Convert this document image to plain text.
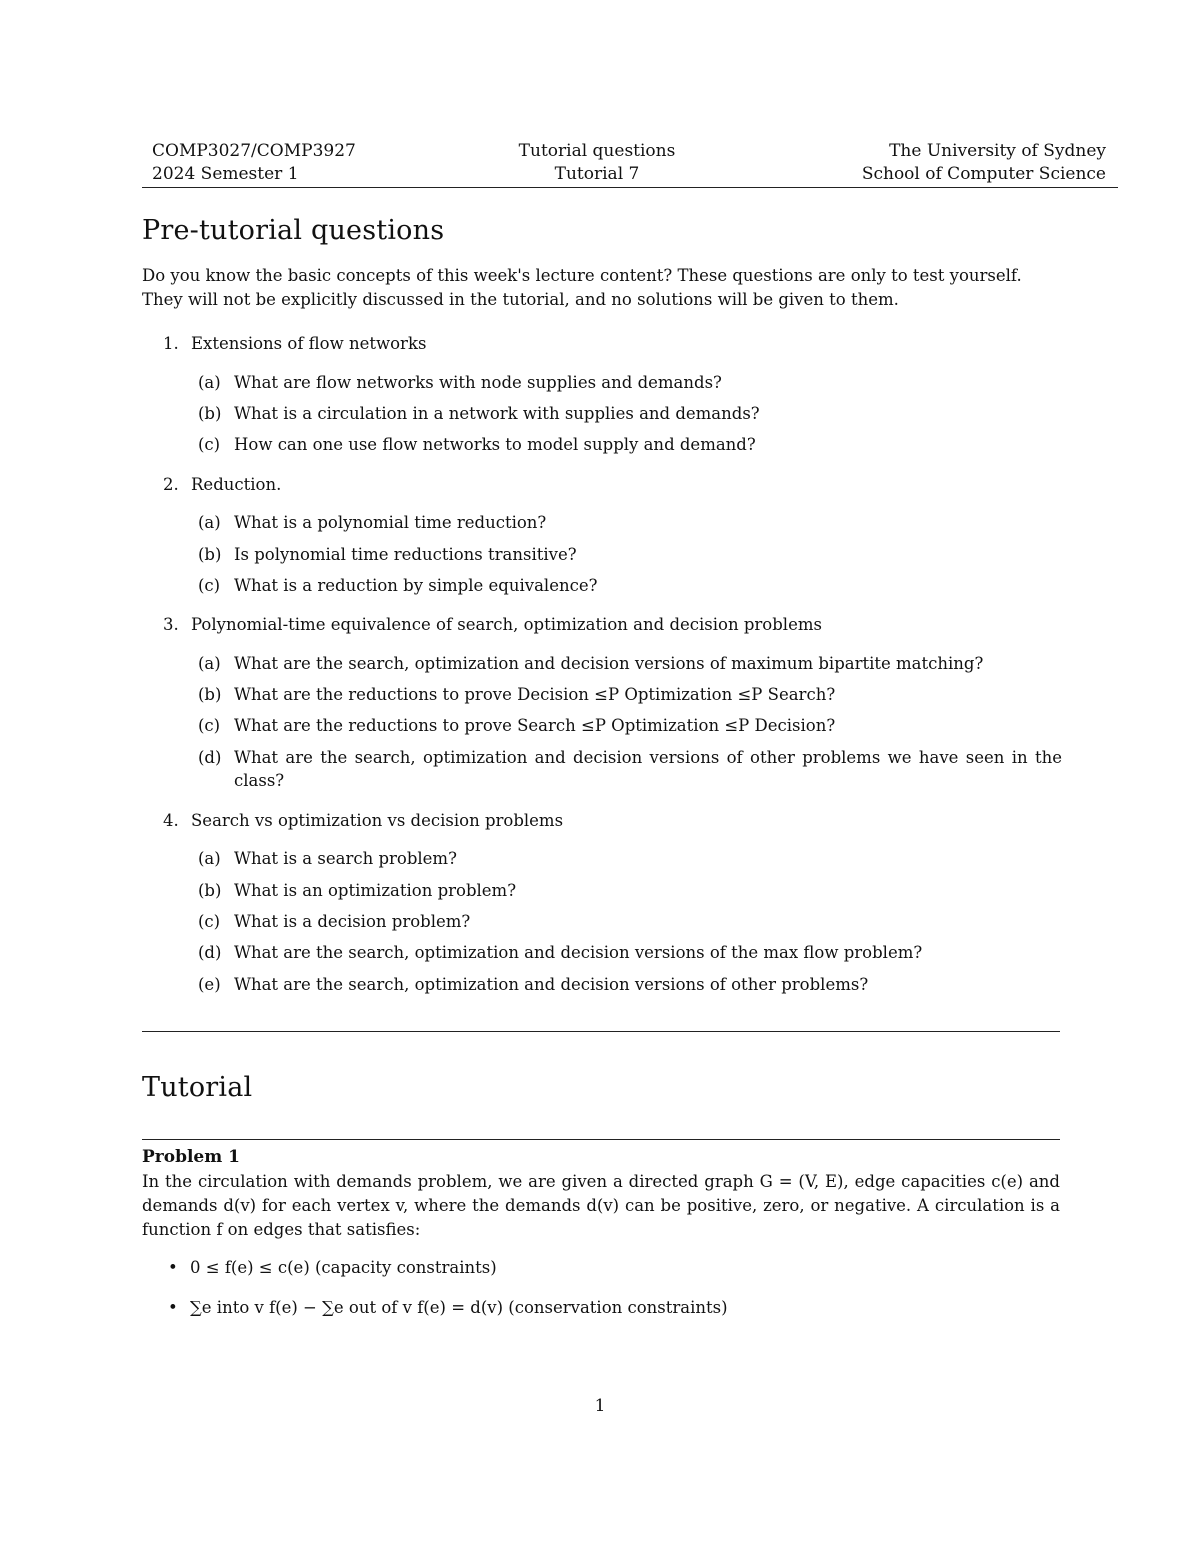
COMP3027/COMP3927
2024 Semester 1
Tutorial questions
Tutorial 7
The University of Sydney
School of Computer Science
Pre-tutorial questions
Do you know the basic concepts of this week's lecture content? These questions are only to test yourself. They will not be explicitly discussed in the tutorial, and no solutions will be given to them.
1. Extensions of flow networks
(a) What are flow networks with node supplies and demands?
(b) What is a circulation in a network with supplies and demands?
(c) How can one use flow networks to model supply and demand?
2. Reduction.
(a) What is a polynomial time reduction?
(b) Is polynomial time reductions transitive?
(c) What is a reduction by simple equivalence?
3. Polynomial-time equivalence of search, optimization and decision problems
(a) What are the search, optimization and decision versions of maximum bipartite matching?
(b) What are the reductions to prove Decision ≤P Optimization ≤P Search?
(c) What are the reductions to prove Search ≤P Optimization ≤P Decision?
(d) What are the search, optimization and decision versions of other problems we have seen in the class?
4. Search vs optimization vs decision problems
(a) What is a search problem?
(b) What is an optimization problem?
(c) What is a decision problem?
(d) What are the search, optimization and decision versions of the max flow problem?
(e) What are the search, optimization and decision versions of other problems?
Tutorial
Problem 1
In the circulation with demands problem, we are given a directed graph G = (V, E), edge capacities c(e) and demands d(v) for each vertex v, where the demands d(v) can be positive, zero, or negative. A circulation is a function f on edges that satisfies:
• 0 ≤ f(e) ≤ c(e) (capacity constraints)
• ∑e into v f(e) − ∑e out of v f(e) = d(v) (conservation constraints)
1
